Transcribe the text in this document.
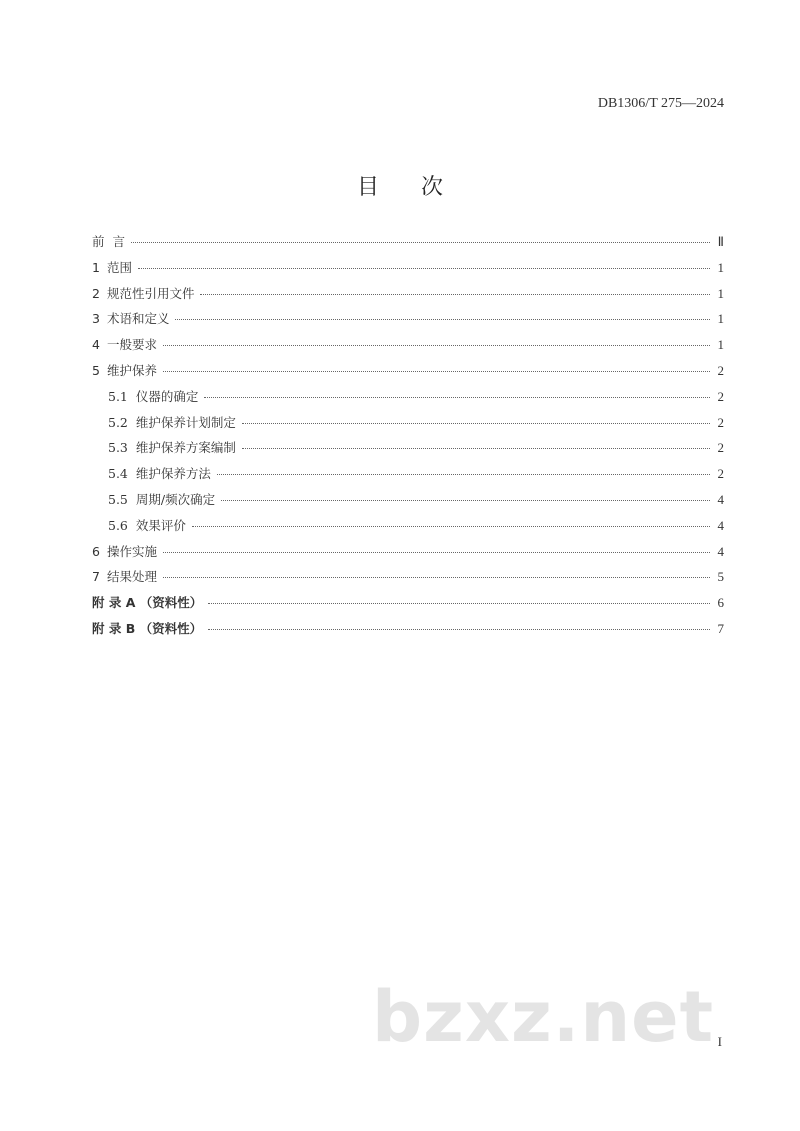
DB1306/T 275—2024
目次
前  言	Ⅱ
1 范围	1
2 规范性引用文件	1
3 术语和定义	1
4 一般要求	1
5 维护保养	2
5.1 仪器的确定	2
5.2 维护保养计划制定	2
5.3 维护保养方案编制	2
5.4 维护保养方法	2
5.5 周期/频次确定	4
5.6 效果评价	4
6 操作实施	4
7 结果处理	5
附 录 A （资料性）	6
附 录 B （资料性）	7
bzxz.net I
